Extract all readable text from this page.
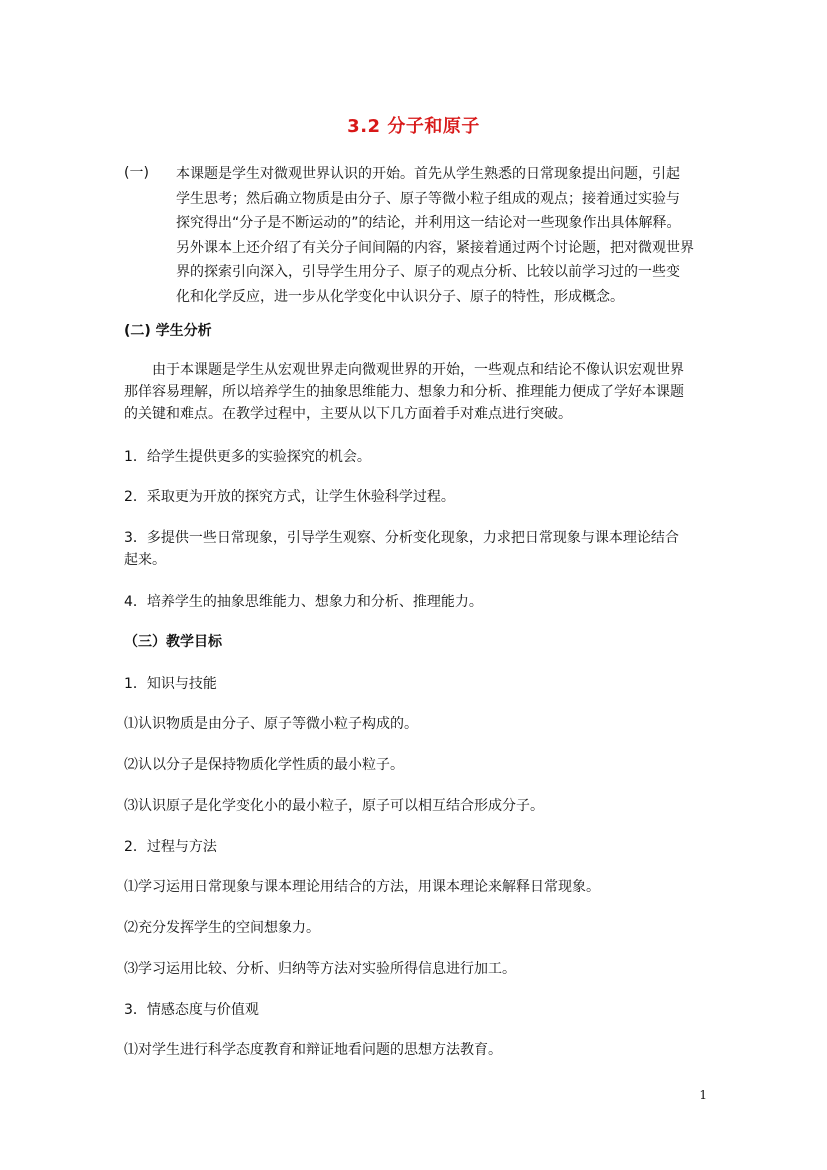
3.2 分子和原子
(一) 本课题是学生对微观世界认识的开始。首先从学生熟悉的日常现象提出问题，引起
学生思考；然后确立物质是由分子、原子等微小粒子组成的观点；接着通过实验与
探究得出“分子是不断运动的”的结论，并利用这一结论对一些现象作出具体解释。
另外课本上还介绍了有关分子间间隔的内容，紧接着通过两个讨论题，把对微观世界
界的探索引向深入，引导学生用分子、原子的观点分析、比较以前学习过的一些变
化和化学反应，进一步从化学变化中认识分子、原子的特性，形成概念。
(二) 学生分析
由于本课题是学生从宏观世界走向微观世界的开始，一些观点和结论不像认识宏观世界
那佯容易理解，所以培养学生的抽象思维能力、想象力和分析、推理能力便成了学好本课题
的关键和难点。在教学过程中，主要从以下几方面着手对难点进行突破。
1．给学生提供更多的实验探究的机会。
2．采取更为开放的探究方式，让学生休验科学过程。
3．多提供一些日常现象，引导学生观察、分析变化现象，力求把日常现象与课本理论结合
起来。
4．培养学生的抽象思维能力、想象力和分析、推理能力。
（三）教学目标
1．知识与技能
⑴认识物质是由分子、原子等微小粒子构成的。
⑵认以分子是保持物质化学性质的最小粒子。
⑶认识原子是化学变化小的最小粒子，原子可以相互结合形成分子。
2．过程与方法
⑴学习运用日常现象与课本理论用结合的方法，用课本理论来解释日常现象。
⑵充分发挥学生的空间想象力。
⑶学习运用比较、分析、归纳等方法对实验所得信息进行加工。
3．情感态度与价值观
⑴对学生进行科学态度教育和辩证地看问题的思想方法教育。
1
